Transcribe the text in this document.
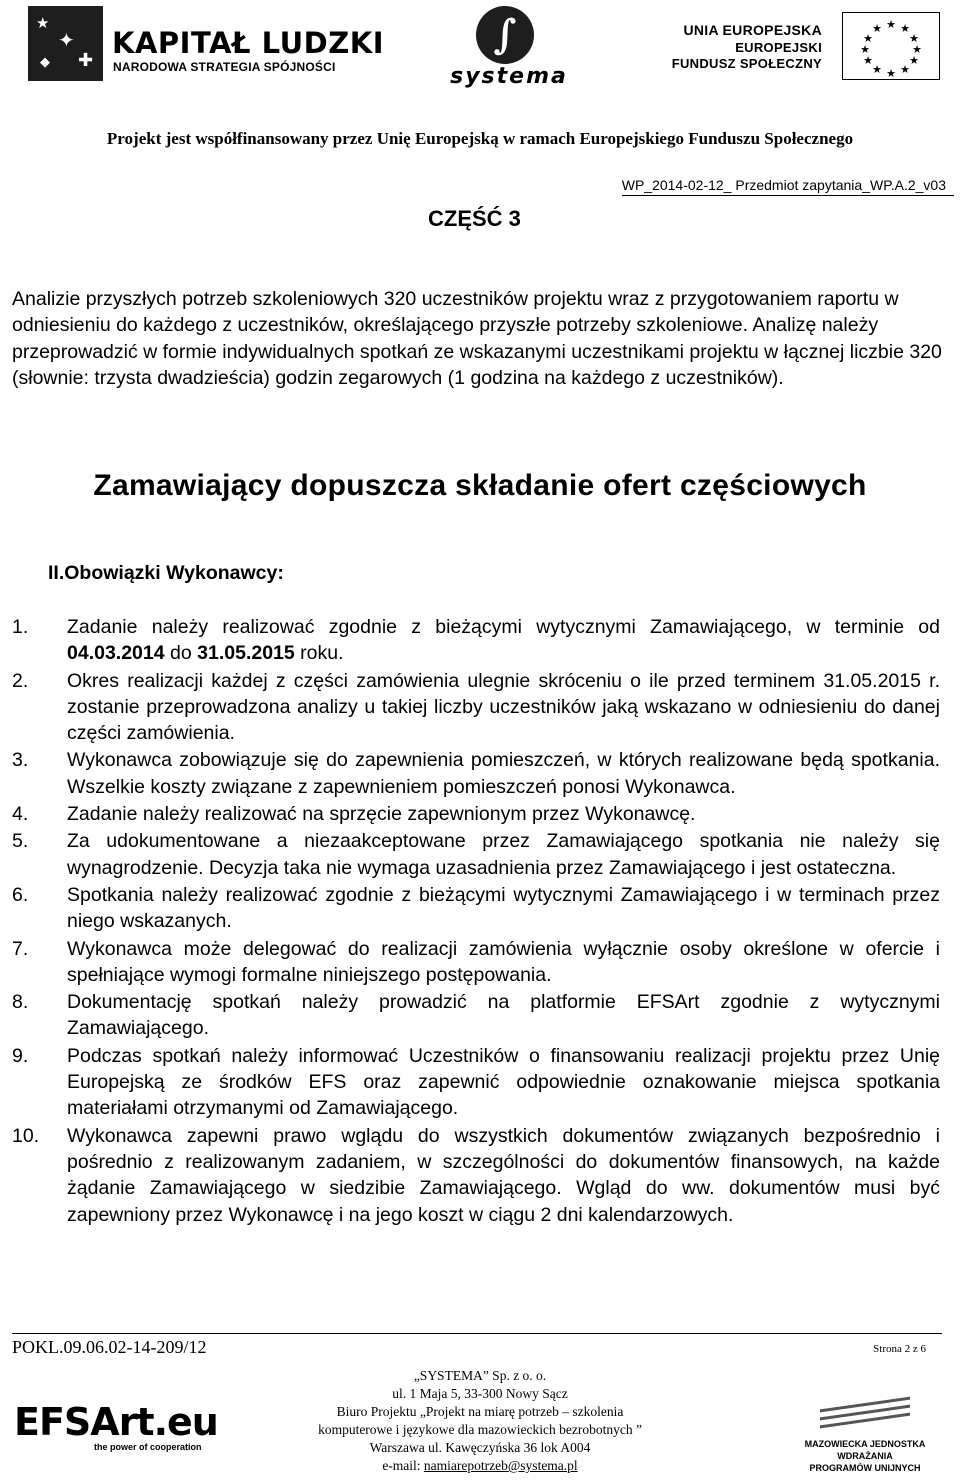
★
✦
✚
◆
KAPITAŁ LUDZKI
NARODOWA STRATEGIA SPÓJNOŚCI
∫
systema
UNIA EUROPEJSKA
EUROPEJSKI
FUNDUSZ SPOŁECZNY
★ ★
★
★
★
★
★
★
★
★
★
★
Projekt jest współfinansowany przez Unię Europejską w ramach Europejskiego Funduszu Społecznego
WP_2014-02-12_ Przedmiot zapytania_WP.A.2_v03
CZĘŚĆ 3
Analizie przyszłych potrzeb szkoleniowych 320 uczestników projektu wraz z przygotowaniem raportu w odniesieniu do każdego z uczestników, określającego przyszłe potrzeby szkoleniowe. Analizę należy przeprowadzić w formie indywidualnych spotkań ze wskazanymi uczestnikami projektu w łącznej liczbie 320 (słownie: trzysta dwadzieścia) godzin zegarowych (1 godzina na każdego z uczestników).
Zamawiający dopuszcza składanie ofert częściowych
II.Obowiązki Wykonawcy:
1. Zadanie należy realizować zgodnie z bieżącymi wytycznymi Zamawiającego, w terminie od 04.03.2014 do 31.05.2015 roku.
2. Okres realizacji każdej z części zamówienia ulegnie skróceniu o ile przed terminem 31.05.2015 r. zostanie przeprowadzona analizy u takiej liczby uczestników jaką wskazano w odniesieniu do danej części zamówienia.
3. Wykonawca zobowiązuje się do zapewnienia pomieszczeń, w których realizowane będą spotkania. Wszelkie koszty związane z zapewnieniem pomieszczeń ponosi Wykonawca.
4. Zadanie należy realizować na sprzęcie zapewnionym przez Wykonawcę.
5. Za udokumentowane a niezaakceptowane przez Zamawiającego spotkania nie należy się wynagrodzenie. Decyzja taka nie wymaga uzasadnienia przez Zamawiającego i jest ostateczna.
6. Spotkania należy realizować zgodnie z bieżącymi wytycznymi Zamawiającego i w terminach przez niego wskazanych.
7. Wykonawca może delegować do realizacji zamówienia wyłącznie osoby określone w ofercie i spełniające wymogi formalne niniejszego postępowania.
8. Dokumentację spotkań należy prowadzić na platformie EFSArt zgodnie z wytycznymi Zamawiającego.
9. Podczas spotkań należy informować Uczestników o finansowaniu realizacji projektu przez Unię Europejską ze środków EFS oraz zapewnić odpowiednie oznakowanie miejsca spotkania materiałami otrzymanymi od Zamawiającego.
10. Wykonawca zapewni prawo wglądu do wszystkich dokumentów związanych bezpośrednio i pośrednio z realizowanym zadaniem, w szczególności do dokumentów finansowych, na każde żądanie Zamawiającego w siedzibie Zamawiającego. Wgląd do ww. dokumentów musi być zapewniony przez Wykonawcę i na jego koszt w ciągu 2 dni kalendarzowych.
POKL.09.06.02-14-209/12	Strona 2 z 6
„SYSTEMA” Sp. z o. o.
ul. 1 Maja 5, 33-300 Nowy Sącz
Biuro Projektu „Projekt na miarę potrzeb – szkolenia
komputerowe i językowe dla mazowieckich bezrobotnych ”
Warszawa ul. Kawęczyńska 36 lok A004
e-mail: namiarepotrzeb@systema.pl
EFSArt.eu
the power of cooperation	MAZOWIECKA JEDNOSTKA
WDRAŻANIA
PROGRAMÓW UNIJNYCH
